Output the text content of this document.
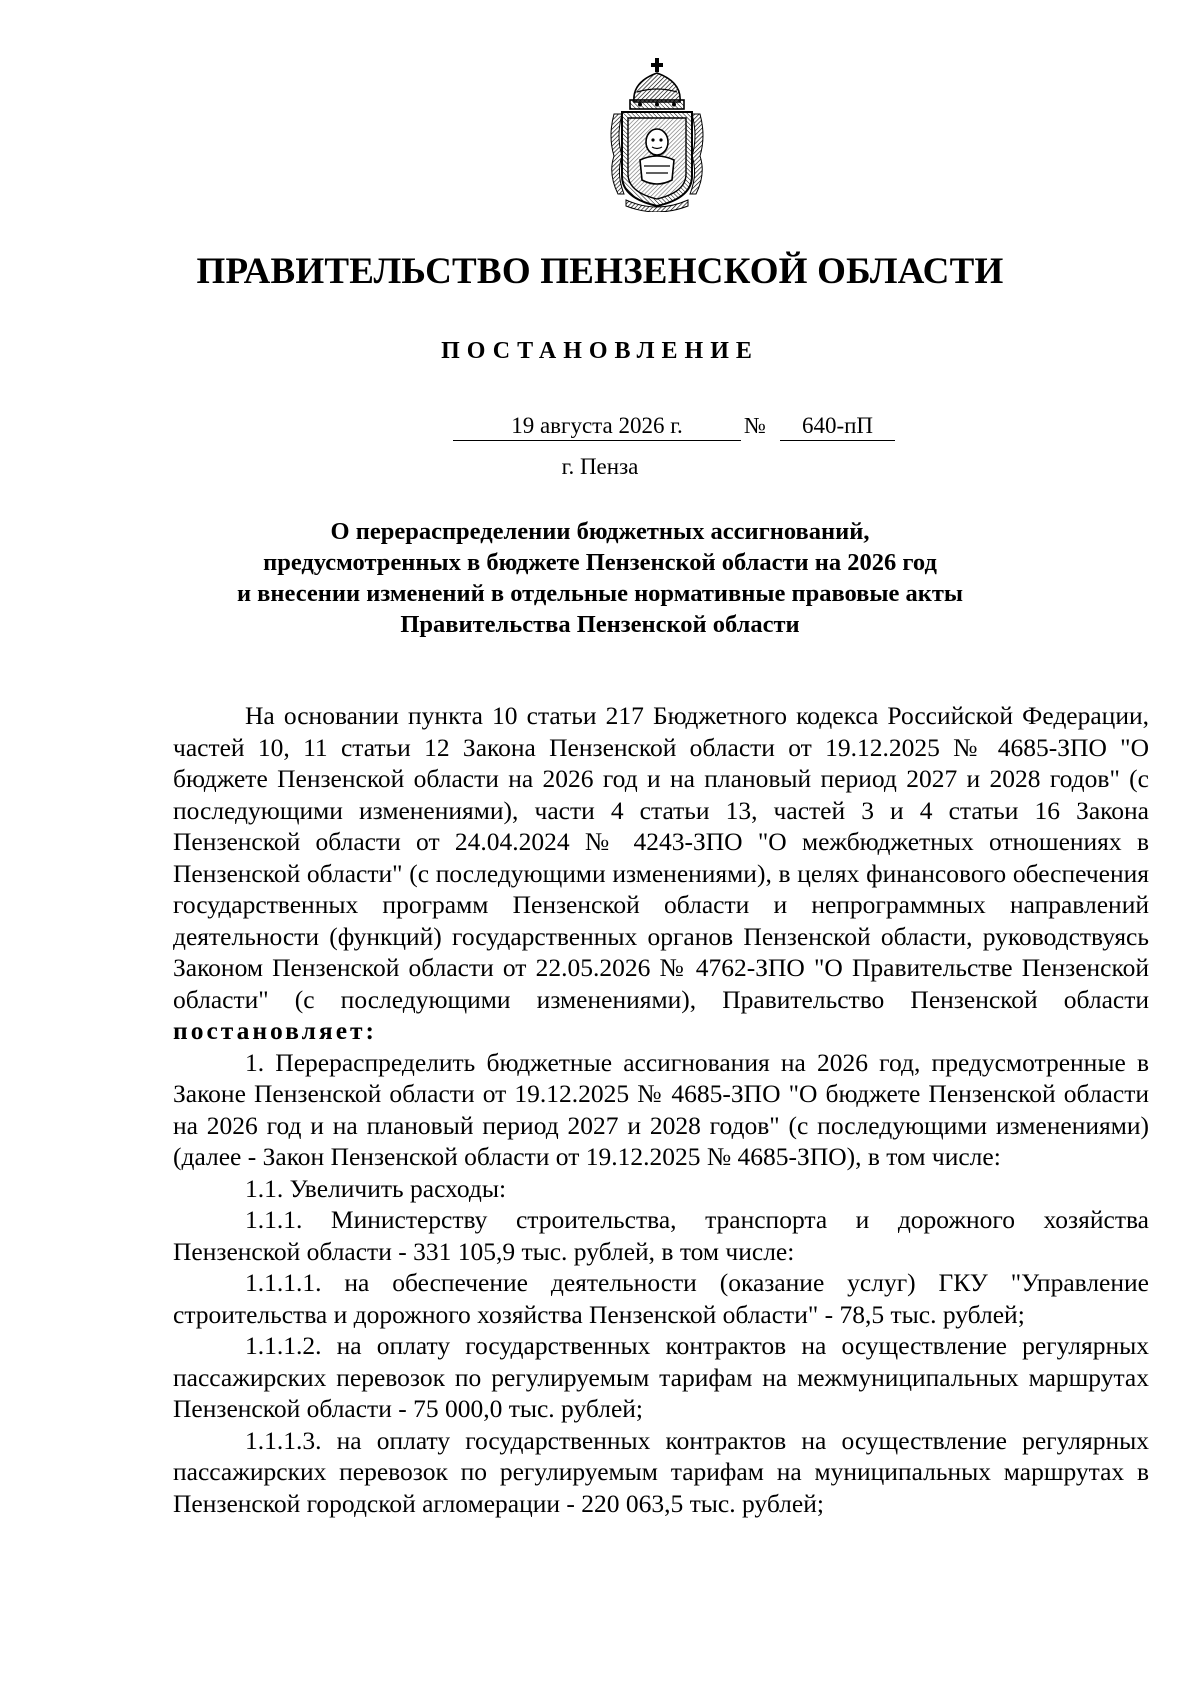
ПРАВИТЕЛЬСТВО ПЕНЗЕНСКОЙ ОБЛАСТИ
ПОСТАНОВЛЕНИЕ
19 августа 2026 г.	№	640-пП
г. Пенза
О перераспределении бюджетных ассигнований,
предусмотренных в бюджете Пензенской области на 2026 год
и внесении изменений в отдельные нормативные правовые акты
Правительства Пензенской области

На основании пункта 10 статьи 217 Бюджетного кодекса Российской Федерации, частей 10, 11 статьи 12 Закона Пензенской области от 19.12.2025 № 4685-ЗПО "О бюджете Пензенской области на 2026 год и на плановый период 2027 и 2028 годов" (с последующими изменениями), части 4 статьи 13, частей 3 и 4 статьи 16 Закона Пензенской области от 24.04.2024 № 4243-ЗПО "О межбюджетных отношениях в Пензенской области" (с последующими изменениями), в целях финансового обеспечения государственных программ Пензенской области и непрограммных направлений деятельности (функций) государственных органов Пензенской области, руководствуясь Законом Пензенской области от 22.05.2026 № 4762-ЗПО "О Правительстве Пензенской области" (с последующими изменениями), Правительство Пензенской области постановляет:

1. Перераспределить бюджетные ассигнования на 2026 год, предусмотренные в Законе Пензенской области от 19.12.2025 № 4685-ЗПО "О бюджете Пензенской области на 2026 год и на плановый период 2027 и 2028 годов" (с последующими изменениями) (далее - Закон Пензенской области от 19.12.2025 № 4685-ЗПО), в том числе:

1.1. Увеличить расходы:

1.1.1. Министерству строительства, транспорта и дорожного хозяйства Пензенской области - 331 105,9 тыс. рублей, в том числе:

1.1.1.1. на обеспечение деятельности (оказание услуг) ГКУ "Управление строительства и дорожного хозяйства Пензенской области" - 78,5 тыс. рублей;

1.1.1.2. на оплату государственных контрактов на осуществление регулярных пассажирских перевозок по регулируемым тарифам на межмуниципальных маршрутах Пензенской области - 75 000,0 тыс. рублей;

1.1.1.3. на оплату государственных контрактов на осуществление регулярных пассажирских перевозок по регулируемым тарифам на муниципальных маршрутах в Пензенской городской агломерации - 220 063,5 тыс. рублей;
